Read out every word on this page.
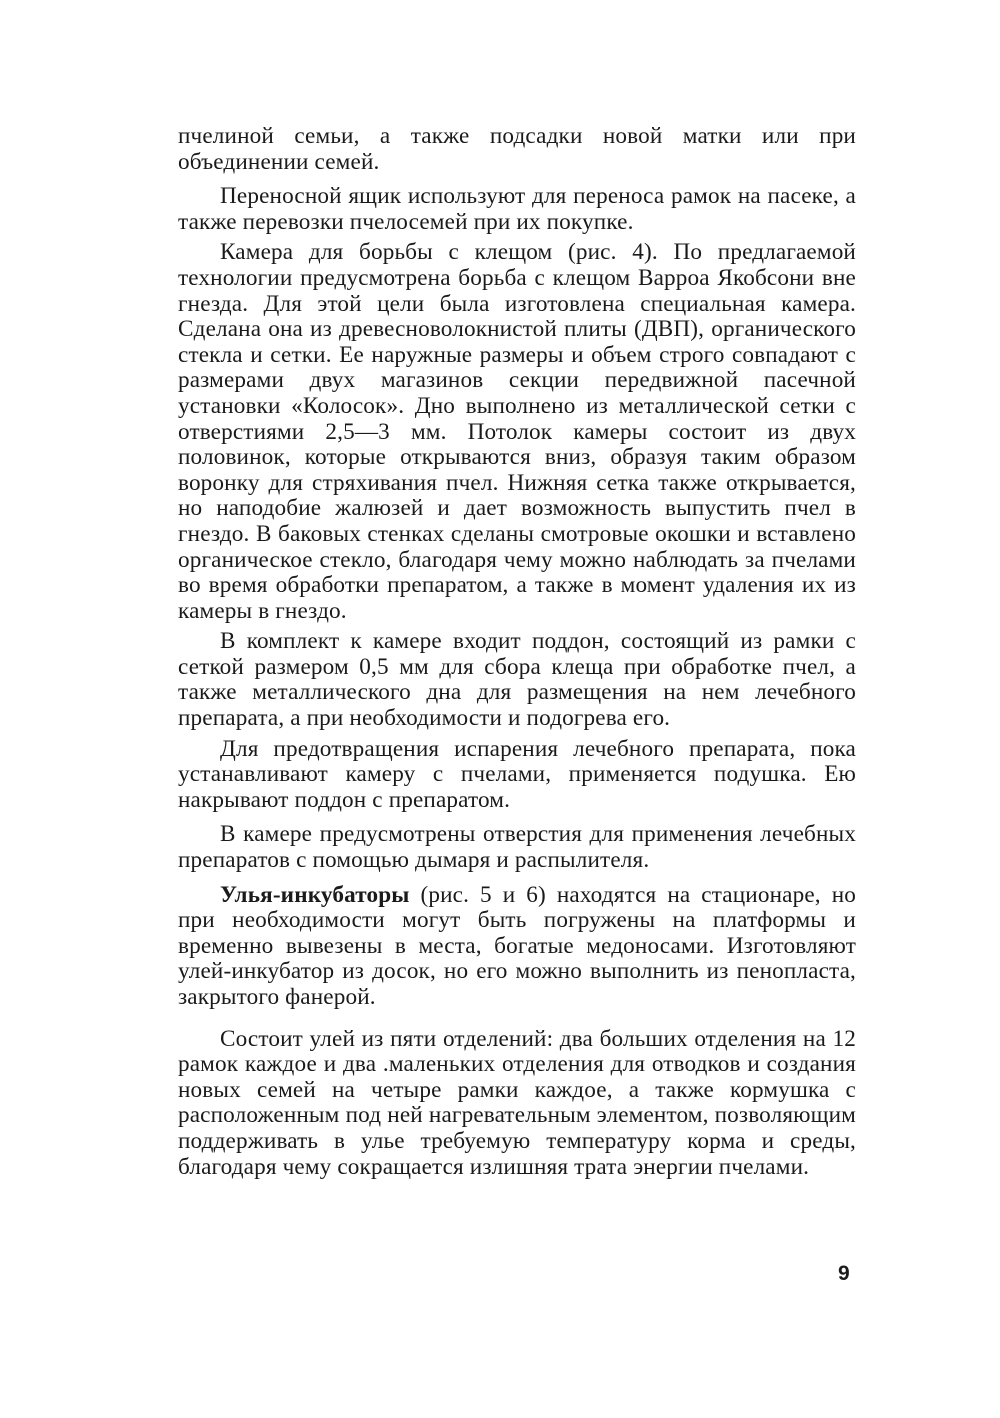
пчелиной семьи, а также подсадки новой матки или при объединении семей.

Переносной ящик используют для переноса рамок на пасеке, а также перевозки пчелосемей при их покупке.

Камера для борьбы с клещом (рис. 4). По предлагаемой технологии предусмотрена борьба с клещом Варроа Якобсони вне гнезда. Для этой цели была изготовлена специальная камера. Сделана она из древесноволокнистой плиты (ДВП), органического стекла и сетки. Ее наружные размеры и объем строго совпадают с размерами двух магазинов секции передвижной пасечной установки «Колосок». Дно выполнено из металлической сетки с отверстиями 2,5—3 мм. Потолок камеры состоит из двух половинок, которые открываются вниз, образуя таким образом воронку для стряхивания пчел. Нижняя сетка также открывается, но наподобие жалюзей и дает возможность выпустить пчел в гнездо. В баковых стенках сделаны смотровые окошки и вставлено органическое стекло, благодаря чему можно наблюдать за пчелами во время обработки препаратом, а также в момент удаления их из камеры в гнездо.

В комплект к камере входит поддон, состоящий из рамки с сеткой размером 0,5 мм для сбора клеща при обработке пчел, а также металлического дна для размещения на нем лечебного препарата, а при необходимости и подогрева его.

Для предотвращения испарения лечебного препарата, пока устанавливают камеру с пчелами, применяется подушка. Ею накрывают поддон с препаратом.

В камере предусмотрены отверстия для применения лечебных препаратов с помощью дымаря и распылителя.

Улья-инкубаторы (рис. 5 и 6) находятся на стационаре, но при необходимости могут быть погружены на платформы и временно вывезены в места, богатые медоносами. Изготовляют улей-инкубатор из досок, но его можно выполнить из пенопласта, закрытого фанерой.

Состоит улей из пяти отделений: два больших отделения на 12 рамок каждое и два .маленьких отделения для отводков и создания новых семей на четыре рамки каждое, а также кормушка с расположенным под ней нагревательным элементом, позволяющим поддерживать в улье требуемую температуру корма и среды, благодаря чему сокращается излишняя трата энергии пчелами.

9
